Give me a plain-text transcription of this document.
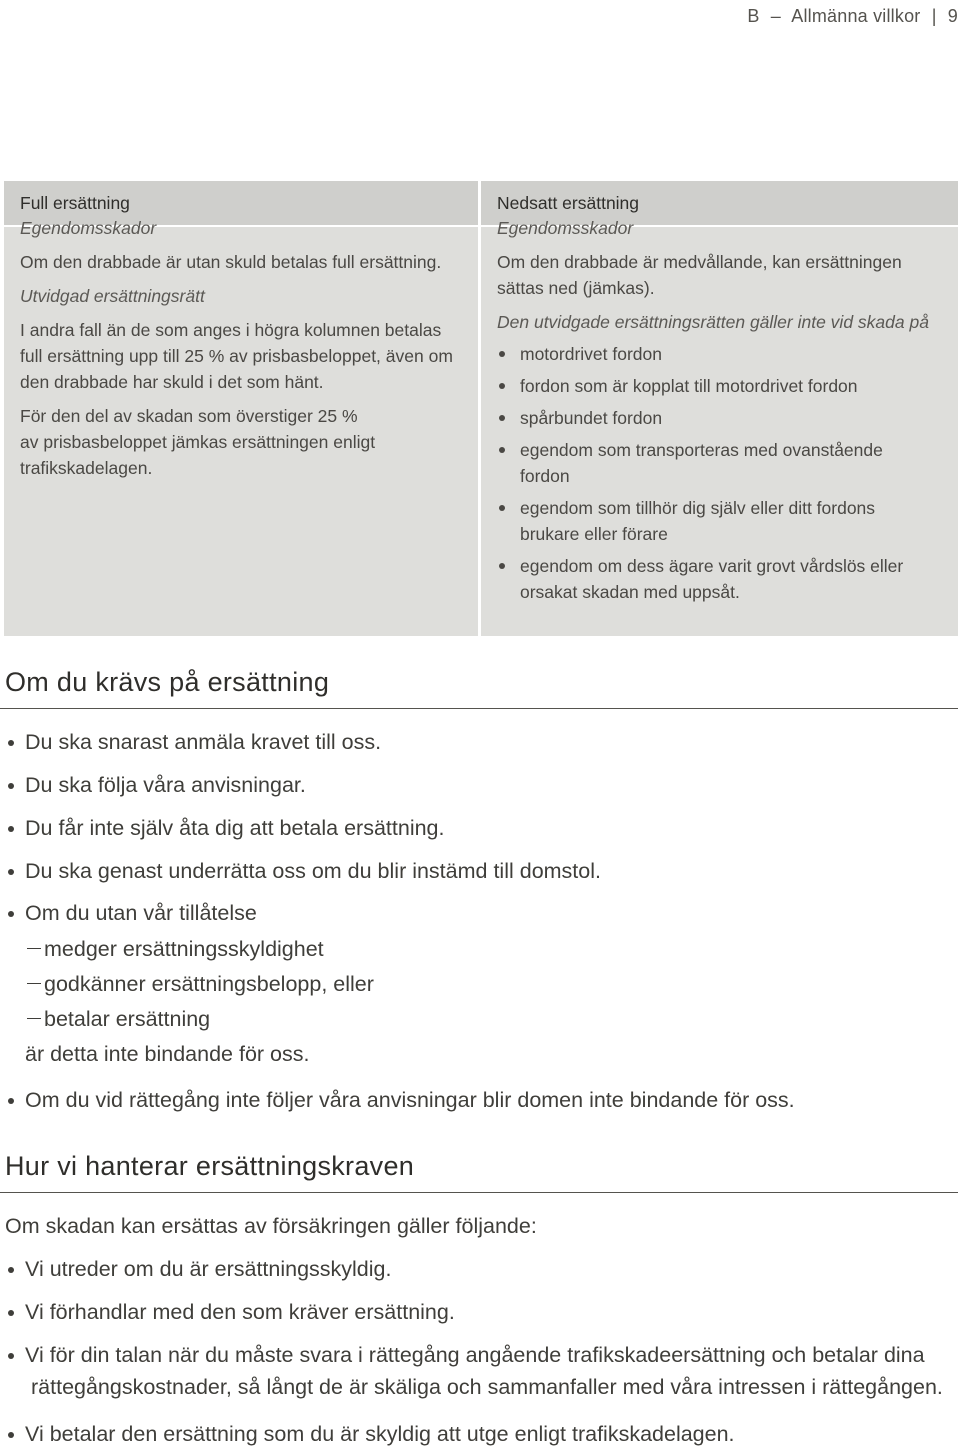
B – Allmänna villkor | 9
Full ersättning
Egendomsskador
Om den drabbade är utan skuld betalas full ersättning.
Utvidgad ersättningsrätt
I andra fall än de som anges i högra kolumnen betalas
full ersättning upp till 25 % av prisbasbeloppet, även om
den drabbade har skuld i det som hänt.
För den del av skadan som överstiger 25 %
av prisbasbeloppet jämkas ersättningen enligt
trafikskadelagen.
Nedsatt ersättning
Egendomsskador
Om den drabbade är medvållande, kan ersättningen
sättas ned (jämkas).
Den utvidgade ersättningsrätten gäller inte vid skada på
motordrivet fordon
fordon som är kopplat till motordrivet fordon
spårbundet fordon
egendom som transporteras med ovanstående
fordon
egendom som tillhör dig själv eller ditt fordons
brukare eller förare
egendom om dess ägare varit grovt vårdslös eller
orsakat skadan med uppsåt.
Om du krävs på ersättning
Du ska snarast anmäla kravet till oss.
Du ska följa våra anvisningar.
Du får inte själv åta dig att betala ersättning.
Du ska genast underrätta oss om du blir instämd till domstol.
Om du utan vår tillåtelse
medger ersättningsskyldighet
godkänner ersättningsbelopp, eller
betalar ersättning
är detta inte bindande för oss.
Om du vid rättegång inte följer våra anvisningar blir domen inte bindande för oss.
Hur vi hanterar ersättningskraven
Om skadan kan ersättas av försäkringen gäller följande:
Vi utreder om du är ersättningsskyldig.
Vi förhandlar med den som kräver ersättning.
Vi för din talan när du måste svara i rättegång angående trafikskadeersättning och betalar dina
rättegångskostnader, så långt de är skäliga och sammanfaller med våra intressen i rättegången.
Vi betalar den ersättning som du är skyldig att utge enligt trafikskadelagen.
